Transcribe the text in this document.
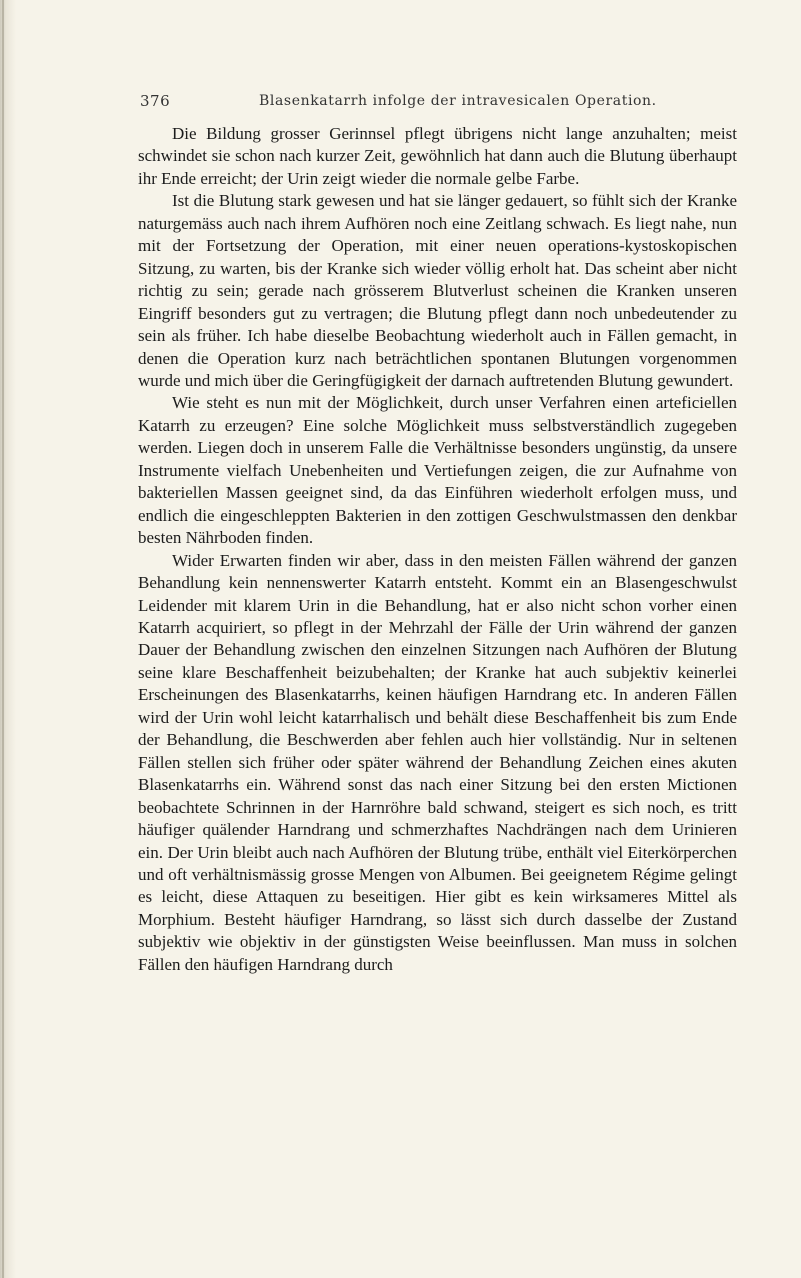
376	Blasenkatarrh infolge der intravesicalen Operation.

Die Bildung grosser Gerinnsel pflegt übrigens nicht lange anzuhalten; meist schwindet sie schon nach kurzer Zeit, gewöhnlich hat dann auch die Blutung überhaupt ihr Ende erreicht; der Urin zeigt wieder die normale gelbe Farbe.

Ist die Blutung stark gewesen und hat sie länger gedauert, so fühlt sich der Kranke naturgemäss auch nach ihrem Aufhören noch eine Zeitlang schwach. Es liegt nahe, nun mit der Fortsetzung der Operation, mit einer neuen operations-kystoskopischen Sitzung, zu warten, bis der Kranke sich wieder völlig erholt hat. Das scheint aber nicht richtig zu sein; gerade nach grösserem Blutverlust scheinen die Kranken unseren Eingriff besonders gut zu vertragen; die Blutung pflegt dann noch unbedeutender zu sein als früher. Ich habe dieselbe Beobachtung wiederholt auch in Fällen gemacht, in denen die Operation kurz nach beträchtlichen spontanen Blutungen vorgenommen wurde und mich über die Geringfügigkeit der darnach auftretenden Blutung gewundert.

Wie steht es nun mit der Möglichkeit, durch unser Verfahren einen arteficiellen Katarrh zu erzeugen? Eine solche Möglichkeit muss selbstverständlich zugegeben werden. Liegen doch in unserem Falle die Verhältnisse besonders ungünstig, da unsere Instrumente vielfach Unebenheiten und Vertiefungen zeigen, die zur Aufnahme von bakteriellen Massen geeignet sind, da das Einführen wiederholt erfolgen muss, und endlich die eingeschleppten Bakterien in den zottigen Geschwulstmassen den denkbar besten Nährboden finden.

Wider Erwarten finden wir aber, dass in den meisten Fällen während der ganzen Behandlung kein nennenswerter Katarrh entsteht. Kommt ein an Blasengeschwulst Leidender mit klarem Urin in die Behandlung, hat er also nicht schon vorher einen Katarrh acquiriert, so pflegt in der Mehrzahl der Fälle der Urin während der ganzen Dauer der Behandlung zwischen den einzelnen Sitzungen nach Aufhören der Blutung seine klare Beschaffenheit beizubehalten; der Kranke hat auch subjektiv keinerlei Erscheinungen des Blasenkatarrhs, keinen häufigen Harndrang etc. In anderen Fällen wird der Urin wohl leicht katarrhalisch und behält diese Beschaffenheit bis zum Ende der Behandlung, die Beschwerden aber fehlen auch hier vollständig. Nur in seltenen Fällen stellen sich früher oder später während der Behandlung Zeichen eines akuten Blasenkatarrhs ein. Während sonst das nach einer Sitzung bei den ersten Mictionen beobachtete Schrinnen in der Harnröhre bald schwand, steigert es sich noch, es tritt häufiger quälender Harndrang und schmerzhaftes Nachdrängen nach dem Urinieren ein. Der Urin bleibt auch nach Aufhören der Blutung trübe, enthält viel Eiterkörperchen und oft verhältnismässig grosse Mengen von Albumen. Bei geeignetem Régime gelingt es leicht, diese Attaquen zu beseitigen. Hier gibt es kein wirksameres Mittel als Morphium. Besteht häufiger Harndrang, so lässt sich durch dasselbe der Zustand subjektiv wie objektiv in der günstigsten Weise beeinflussen. Man muss in solchen Fällen den häufigen Harndrang durch
